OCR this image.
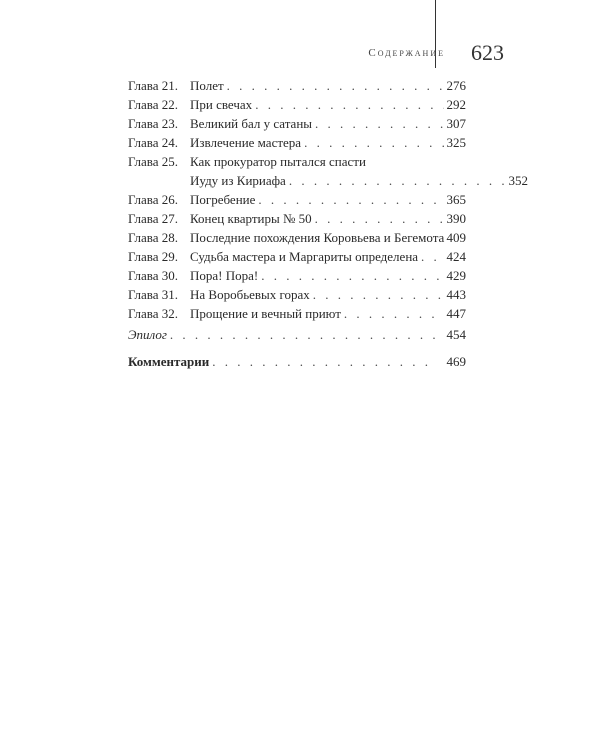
Содержание	623
Глава 21. Полет . . .	276
Глава 22. При свечах . . .	292
Глава 23. Великий бал у сатаны . . .	307
Глава 24. Извлечение мастера . . .	325
Глава 25. Как прокуратор пытался спасти
Иуду из Кириафа . . .	352
Глава 26. Погребение . . .	365
Глава 27. Конец квартиры № 50 . . .	390
Глава 28. Последние похождения Коровьева и Бегемота 409
Глава 29. Судьба мастера и Маргариты определена . . . 424
Глава 30. Пора! Пора! . . .	429
Глава 31. На Воробьевых горах . . .	443
Глава 32. Прощение и вечный приют . . .	447
Эпилог . . .	454
Комментарии . . .	469
